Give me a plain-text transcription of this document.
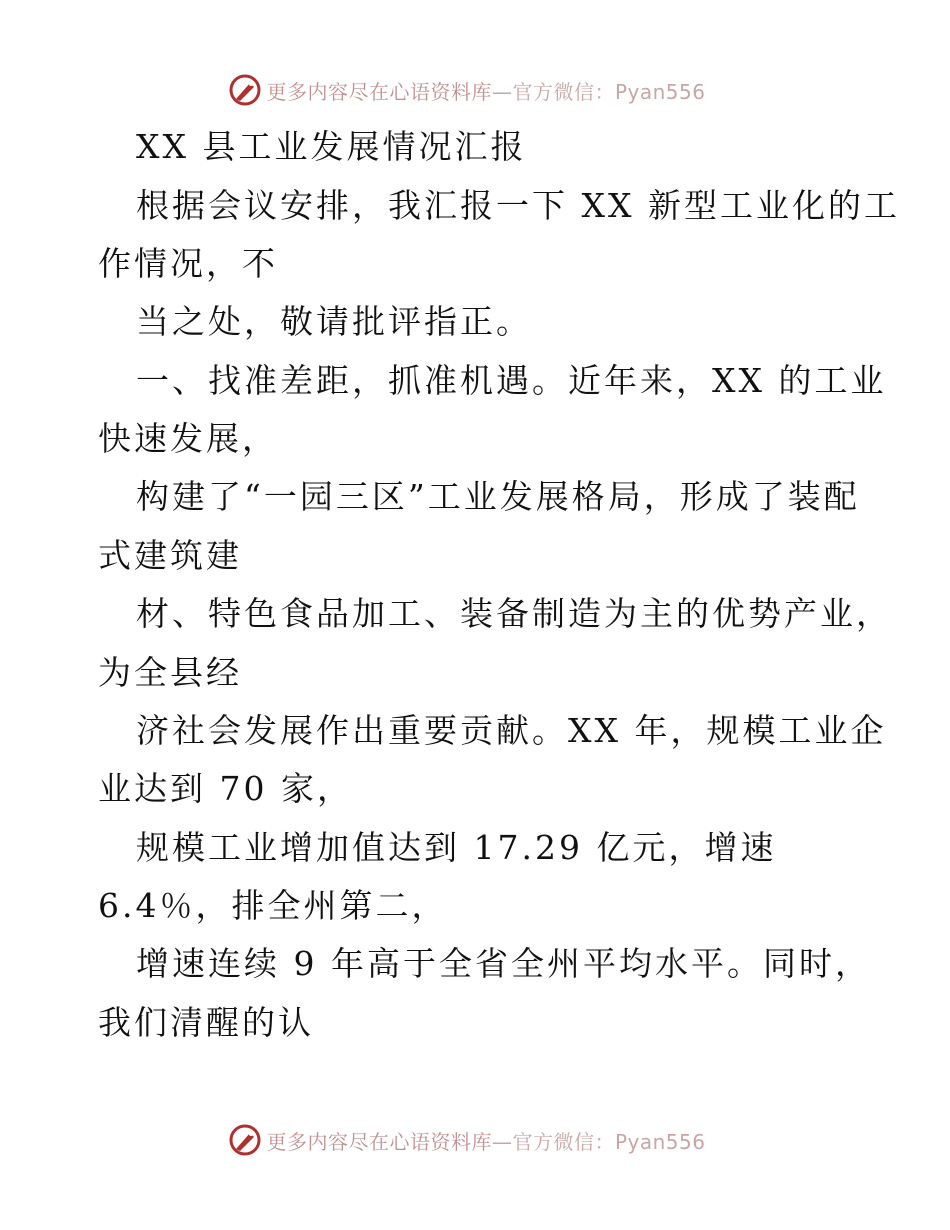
更多内容尽在心语资料库—官方微信：Pyan556
XX 县工业发展情况汇报
根据会议安排，我汇报一下 XX 新型工业化的工
作情况，不
当之处，敬请批评指正。
一、找准差距，抓准机遇。近年来，XX 的工业
快速发展，
构建了“一园三区”工业发展格局，形成了装配
式建筑建
材、特色食品加工、装备制造为主的优势产业，
为全县经
济社会发展作出重要贡献。XX 年，规模工业企
业达到 70 家，
规模工业增加值达到 17.29 亿元，增速
6.4％，排全州第二，
增速连续 9 年高于全省全州平均水平。同时，
我们清醒的认
更多内容尽在心语资料库—官方微信：Pyan556
